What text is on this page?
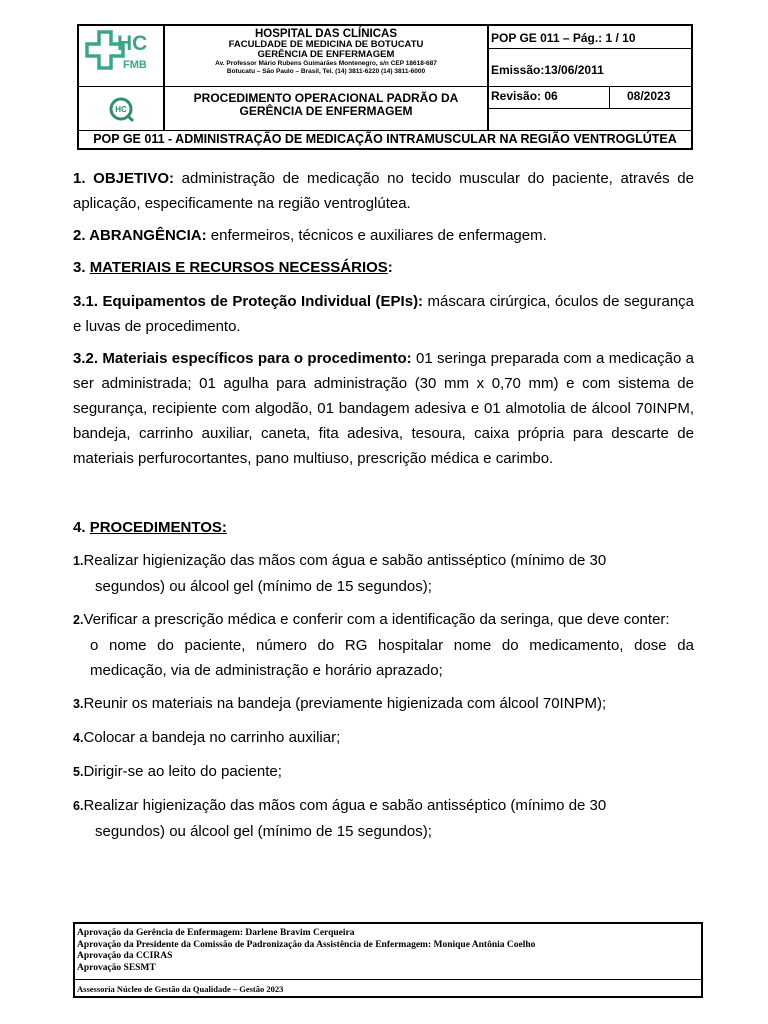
HC
FMB
HC
HOSPITAL DAS CLÍNICAS
FACULDADE DE MEDICINA DE BOTUCATU
GERÊNCIA DE ENFERMAGEM
Av. Professor Mário Rubens Guimarães Montenegro, s/n CEP 18618-687
Botucatu – São Paulo – Brasil, Tel. (14) 3811-6220 (14) 3811-6000
POP GE 011 – Pág.: 1 / 10
Emissão:13/06/2011
Revisão: 06	08/2023
PROCEDIMENTO OPERACIONAL PADRÃO DA GERÊNCIA DE ENFERMAGEM
POP GE 011 - ADMINISTRAÇÃO DE MEDICAÇÃO INTRAMUSCULAR NA REGIÃO VENTROGLÚTEA

1. OBJETIVO: administração de medicação no tecido muscular do paciente, através de aplicação, especificamente na região ventroglútea.

2. ABRANGÊNCIA: enfermeiros, técnicos e auxiliares de enfermagem.

3. MATERIAIS E RECURSOS NECESSÁRIOS:

3.1. Equipamentos de Proteção Individual (EPIs): máscara cirúrgica, óculos de segurança e luvas de procedimento.

3.2. Materiais específicos para o procedimento: 01 seringa preparada com a medicação a ser administrada; 01 agulha para administração (30 mm x 0,70 mm) e com sistema de segurança, recipiente com algodão, 01 bandagem adesiva e 01 almotolia de álcool 70INPM, bandeja, carrinho auxiliar, caneta, fita adesiva, tesoura, caixa própria para descarte de materiais perfurocortantes, pano multiuso, prescrição médica e carimbo.

4. PROCEDIMENTOS:

1.Realizar higienização das mãos com água e sabão antisséptico (mínimo de 30
segundos) ou álcool gel (mínimo de 15 segundos);
2.Verificar a prescrição médica e conferir com a identificação da seringa, que deve conter:
o nome do paciente, número do RG hospitalar nome do medicamento, dose da medicação, via de administração e horário aprazado;
3.Reunir os materiais na bandeja (previamente higienizada com álcool 70INPM);
4.Colocar a bandeja no carrinho auxiliar;
5.Dirigir-se ao leito do paciente;
6.Realizar higienização das mãos com água e sabão antisséptico (mínimo de 30
segundos) ou álcool gel (mínimo de 15 segundos);
Aprovação da Gerência de Enfermagem: Darlene Bravim Cerqueira
Aprovação da Presidente da Comissão de Padronização da Assistência de Enfermagem: Monique Antônia Coelho
Aprovação da CCIRAS
Aprovação SESMT
Assessoria Núcleo de Gestão da Qualidade – Gestão 2023
